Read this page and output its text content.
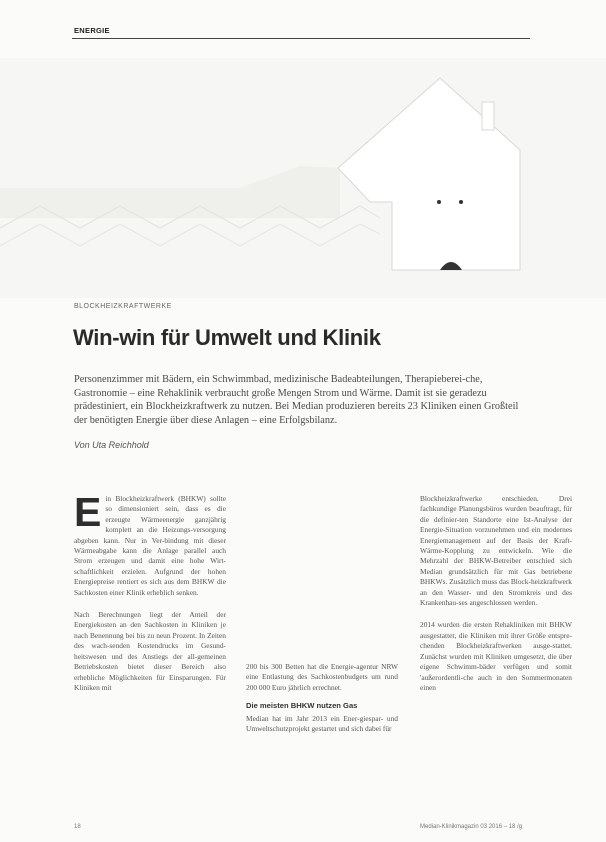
ENERGIE
BLOCKHEIZKRAFTWERKE
Win-win für Umwelt und Klinik
Personenzimmer mit Bädern, ein Schwimmbad, medizinische Badeabteilungen, Therapieberei-che, Gastronomie – eine Rehaklinik verbraucht große Mengen Strom und Wärme. Damit ist sie geradezu prädestiniert, ein Blockheizkraftwerk zu nutzen. Bei Median produzieren bereits 23 Kliniken einen Großteil der benötigten Energie über diese Anlagen – eine Erfolgsbilanz.
Von Uta Reichhold

Ein Blockheizkraftwerk (BHKW) sollte so dimensioniert sein, dass es die erzeugte Wärmeenergie ganzjährig komplett an die Heizungs-versorgung abgeben kann. Nur in Ver-bindung mit dieser Wärmeabgabe kann die Anlage parallel auch Strom erzeugen und damit eine hohe Wirt-schaftlichkeit erzielen. Aufgrund der hohen Energiepreise rentiert es sich aus dem BHKW die Sachkosten einer Klinik erheblich senken.

Nach Berechnungen liegt der Anteil der Energiekosten an den Sachkosten in Kliniken je nach Benennung bei bis zu neun Prozent. In Zeiten des wach-senden Kostendrucks im Gesund-heitswesen und des Anstiegs der all-gemeinen Betriebskosten bietet dieser Bereich also erhebliche Möglichkeiten für Einsparungen. Für Kliniken mit

200 bis 300 Betten hat die Energie-agentur NRW eine Entlastung des Sachkostenbudgets um rund 200 000 Euro jährlich errechnet.

Die meisten BHKW nutzen Gas

Median hat im Jahr 2013 ein Ener-giespar- und Umweltschutzprojekt gestartet und sich dabei für

Blockheizkraftwerke entschieden. Drei fachkundige Planungsbüros wurden beauftragt, für die definier-ten Standorte eine Ist-Analyse der Energie-Situation vorzunehmen und ein modernes Energiemanagement auf der Basis der Kraft-Wärme-Kopplung zu entwickeln. Wie die Mehrzahl der BHKW-Betreiber entschied sich Median grundsätzlich für mit Gas betriebene BHKWs. Zusätzlich muss das Block-heizkraftwerk an den Wasser- und den Stromkreis und des Krankenhau-ses angeschlossen werden.

2014 wurden die ersten Rehakliniken mit BHKW ausgestattet, die Kliniken mit ihrer Größe entspre-chenden Blockheizkraftwerken ausge-stattet. Zunächst wurden mit Kliniken umgesetzt, die über eigene Schwimm-bäder verfügen und somit 'außerordentli-che auch in den Sommermonaten einen

18	Median-Klinikmagazin 03 2016 – 18 /g
